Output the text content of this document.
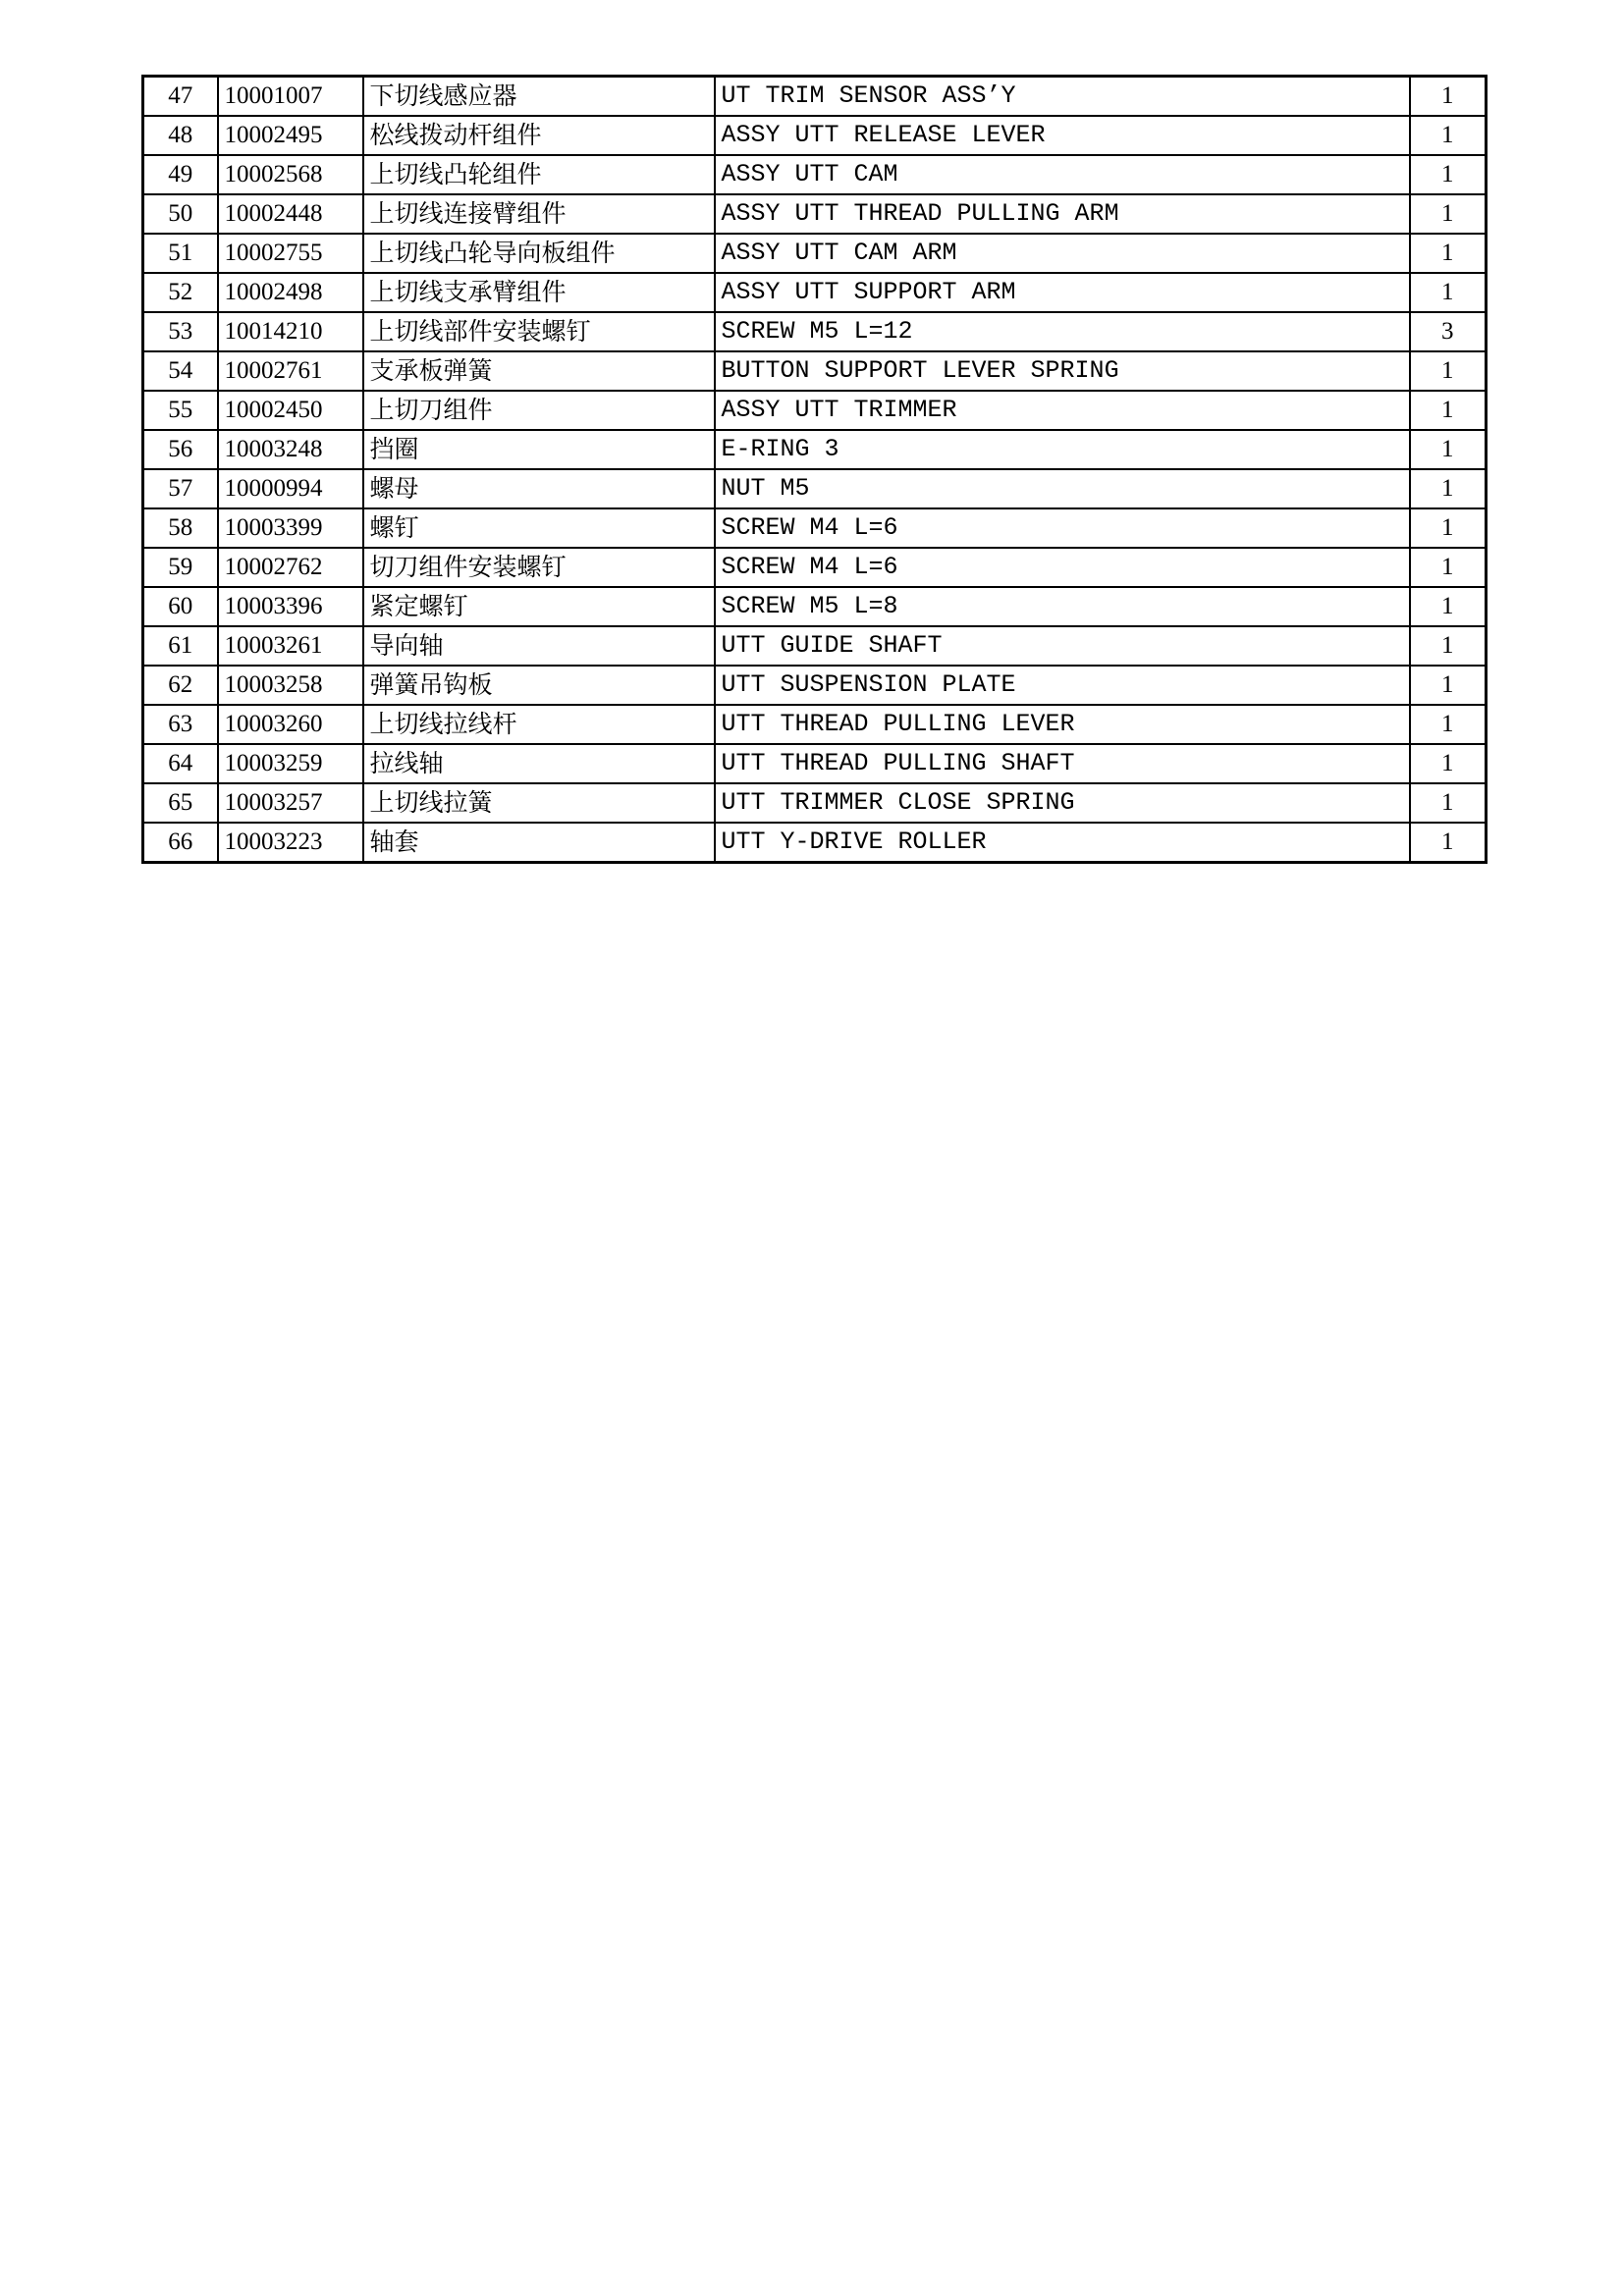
47	10001007	下切线感应器	UT TRIM SENSOR ASS’Y	1
48	10002495	松线拨动杆组件	ASSY UTT RELEASE LEVER	1
49	10002568	上切线凸轮组件	ASSY UTT CAM	1
50	10002448	上切线连接臂组件	ASSY UTT THREAD PULLING ARM	1
51	10002755	上切线凸轮导向板组件	ASSY UTT CAM ARM	1
52	10002498	上切线支承臂组件	ASSY UTT SUPPORT ARM	1
53	10014210	上切线部件安装螺钉	SCREW M5 L=12	3
54	10002761	支承板弹簧	BUTTON SUPPORT LEVER SPRING	1
55	10002450	上切刀组件	ASSY UTT TRIMMER	1
56	10003248	挡圈	E-RING 3	1
57	10000994	螺母	NUT M5	1
58	10003399	螺钉	SCREW M4 L=6	1
59	10002762	切刀组件安装螺钉	SCREW M4 L=6	1
60	10003396	紧定螺钉	SCREW M5 L=8	1
61	10003261	导向轴	UTT GUIDE SHAFT	1
62	10003258	弹簧吊钩板	UTT SUSPENSION PLATE	1
63	10003260	上切线拉线杆	UTT THREAD PULLING LEVER	1
64	10003259	拉线轴	UTT THREAD PULLING SHAFT	1
65	10003257	上切线拉簧	UTT TRIMMER CLOSE SPRING	1
66	10003223	轴套	UTT Y-DRIVE ROLLER	1
